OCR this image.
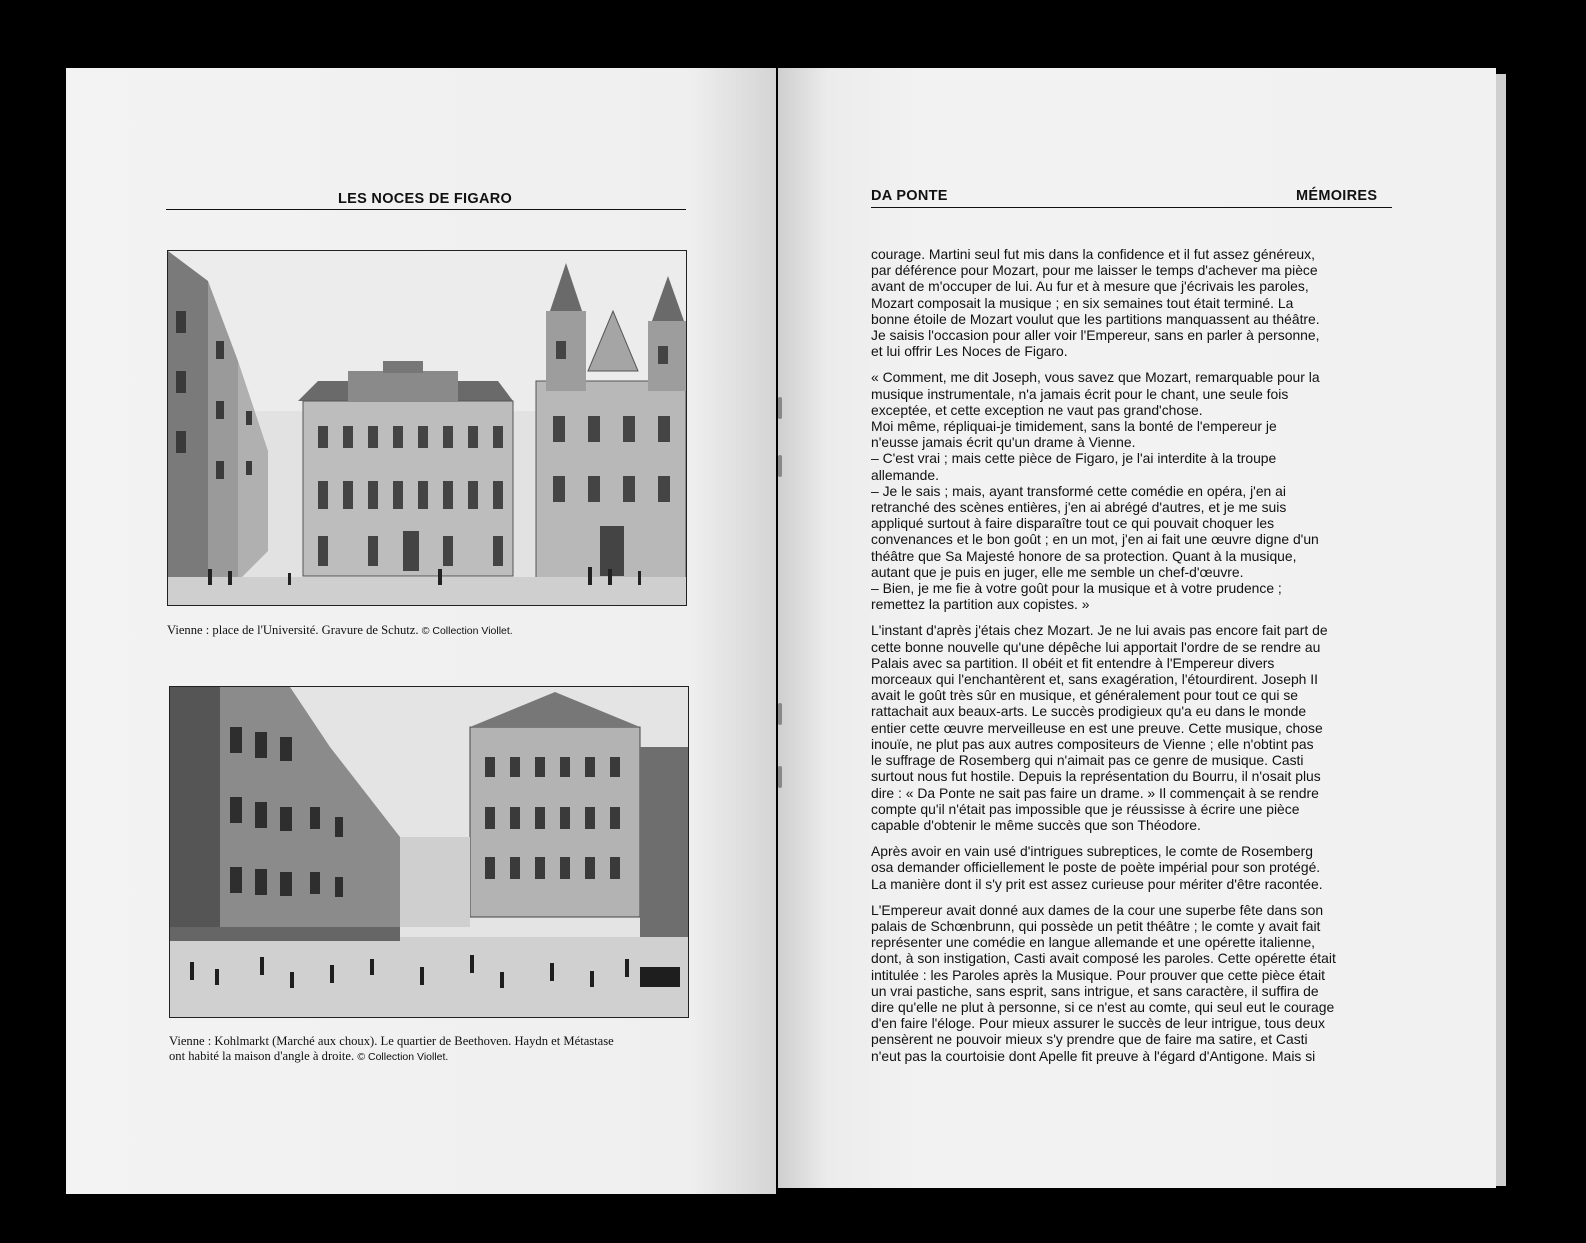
LES NOCES DE FIGARO
Vienne : place de l'Université. Gravure de Schutz. © Collection Viollet.
Vienne : Kohlmarkt (Marché aux choux). Le quartier de Beethoven. Haydn et Métastase
ont habité la maison d'angle à droite. © Collection Viollet.
DA PONTE	MÉMOIRES

courage. Martini seul fut mis dans la confidence et il fut assez généreux,
par déférence pour Mozart, pour me laisser le temps d'achever ma pièce
avant de m'occuper de lui. Au fur et à mesure que j'écrivais les paroles,
Mozart composait la musique ; en six semaines tout était terminé. La
bonne étoile de Mozart voulut que les partitions manquassent au théâtre.
Je saisis l'occasion pour aller voir l'Empereur, sans en parler à personne,
et lui offrir Les Noces de Figaro.

« Comment, me dit Joseph, vous savez que Mozart, remarquable pour la
musique instrumentale, n'a jamais écrit pour le chant, une seule fois
exceptée, et cette exception ne vaut pas grand'chose.
Moi même, répliquai-je timidement, sans la bonté de l'empereur je
n'eusse jamais écrit qu'un drame à Vienne.
– C'est vrai ; mais cette pièce de Figaro, je l'ai interdite à la troupe
allemande.
– Je le sais ; mais, ayant transformé cette comédie en opéra, j'en ai
retranché des scènes entières, j'en ai abrégé d'autres, et je me suis
appliqué surtout à faire disparaître tout ce qui pouvait choquer les
convenances et le bon goût ; en un mot, j'en ai fait une œuvre digne d'un
théâtre que Sa Majesté honore de sa protection. Quant à la musique,
autant que je puis en juger, elle me semble un chef-d'œuvre.
– Bien, je me fie à votre goût pour la musique et à votre prudence ;
remettez la partition aux copistes. »

L'instant d'après j'étais chez Mozart. Je ne lui avais pas encore fait part de
cette bonne nouvelle qu'une dépêche lui apportait l'ordre de se rendre au
Palais avec sa partition. Il obéit et fit entendre à l'Empereur divers
morceaux qui l'enchantèrent et, sans exagération, l'étourdirent. Joseph II
avait le goût très sûr en musique, et généralement pour tout ce qui se
rattachait aux beaux-arts. Le succès prodigieux qu'a eu dans le monde
entier cette œuvre merveilleuse en est une preuve. Cette musique, chose
inouïe, ne plut pas aux autres compositeurs de Vienne ; elle n'obtint pas
le suffrage de Rosemberg qui n'aimait pas ce genre de musique. Casti
surtout nous fut hostile. Depuis la représentation du Bourru, il n'osait plus
dire : « Da Ponte ne sait pas faire un drame. » Il commençait à se rendre
compte qu'il n'était pas impossible que je réussisse à écrire une pièce
capable d'obtenir le même succès que son Théodore.

Après avoir en vain usé d'intrigues subreptices, le comte de Rosemberg
osa demander officiellement le poste de poète impérial pour son protégé.
La manière dont il s'y prit est assez curieuse pour mériter d'être racontée.

L'Empereur avait donné aux dames de la cour une superbe fête dans son
palais de Schœnbrunn, qui possède un petit théâtre ; le comte y avait fait
représenter une comédie en langue allemande et une opérette italienne,
dont, à son instigation, Casti avait composé les paroles. Cette opérette était
intitulée : les Paroles après la Musique. Pour prouver que cette pièce était
un vrai pastiche, sans esprit, sans intrigue, et sans caractère, il suffira de
dire qu'elle ne plut à personne, si ce n'est au comte, qui seul eut le courage
d'en faire l'éloge. Pour mieux assurer le succès de leur intrigue, tous deux
pensèrent ne pouvoir mieux s'y prendre que de faire ma satire, et Casti
n'eut pas la courtoisie dont Apelle fit preuve à l'égard d'Antigone. Mais si
